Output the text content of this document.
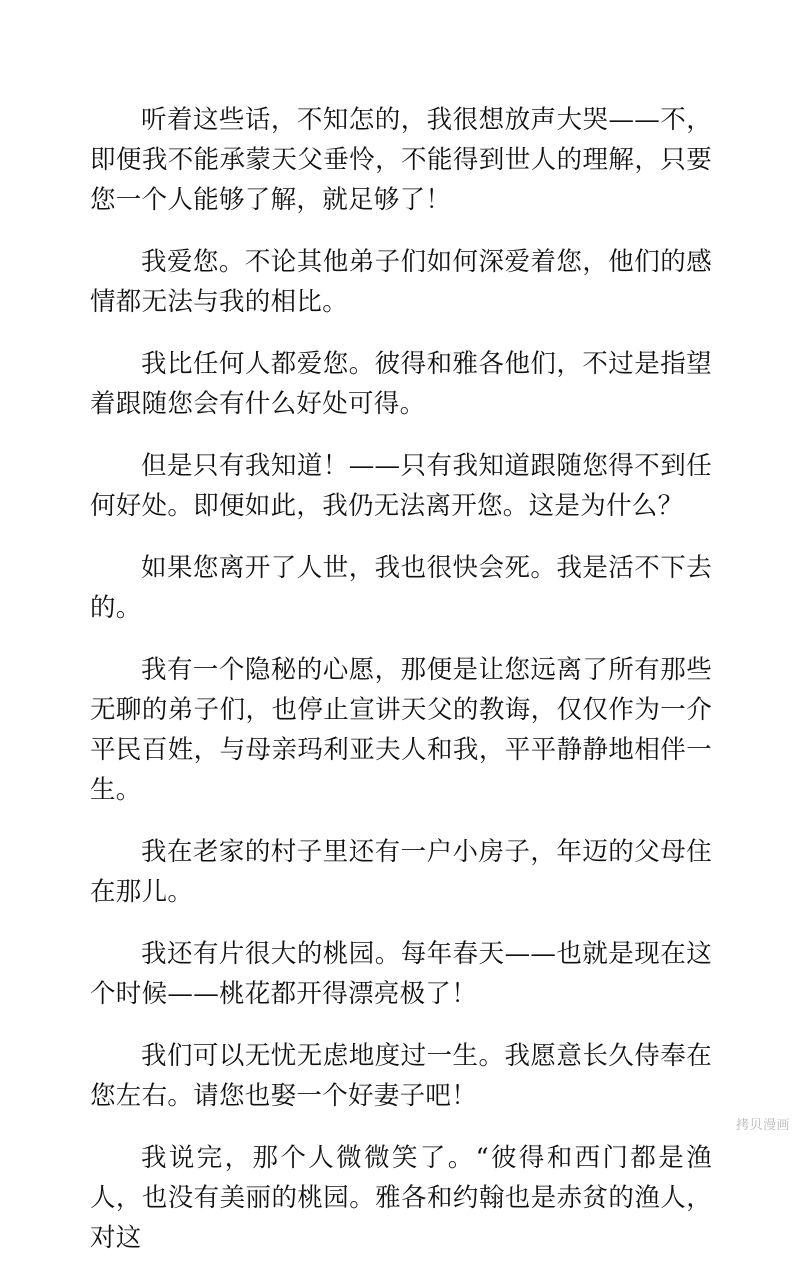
听着这些话，不知怎的，我很想放声大哭——不，即便我不能承蒙天父垂怜，不能得到世人的理解，只要您一个人能够了解，就足够了！

我爱您。不论其他弟子们如何深爱着您，他们的感情都无法与我的相比。

我比任何人都爱您。彼得和雅各他们，不过是指望着跟随您会有什么好处可得。

但是只有我知道！——只有我知道跟随您得不到任何好处。即便如此，我仍无法离开您。这是为什么？

如果您离开了人世，我也很快会死。我是活不下去的。

我有一个隐秘的心愿，那便是让您远离了所有那些无聊的弟子们，也停止宣讲天父的教诲，仅仅作为一介平民百姓，与母亲玛利亚夫人和我，平平静静地相伴一生。

我在老家的村子里还有一户小房子，年迈的父母住在那儿。

我还有片很大的桃园。每年春天——也就是现在这个时候——桃花都开得漂亮极了！

我们可以无忧无虑地度过一生。我愿意长久侍奉在您左右。请您也娶一个好妻子吧！

我说完，那个人微微笑了。“彼得和西门都是渔人，也没有美丽的桃园。雅各和约翰也是赤贫的渔人，对这

拷贝漫画
